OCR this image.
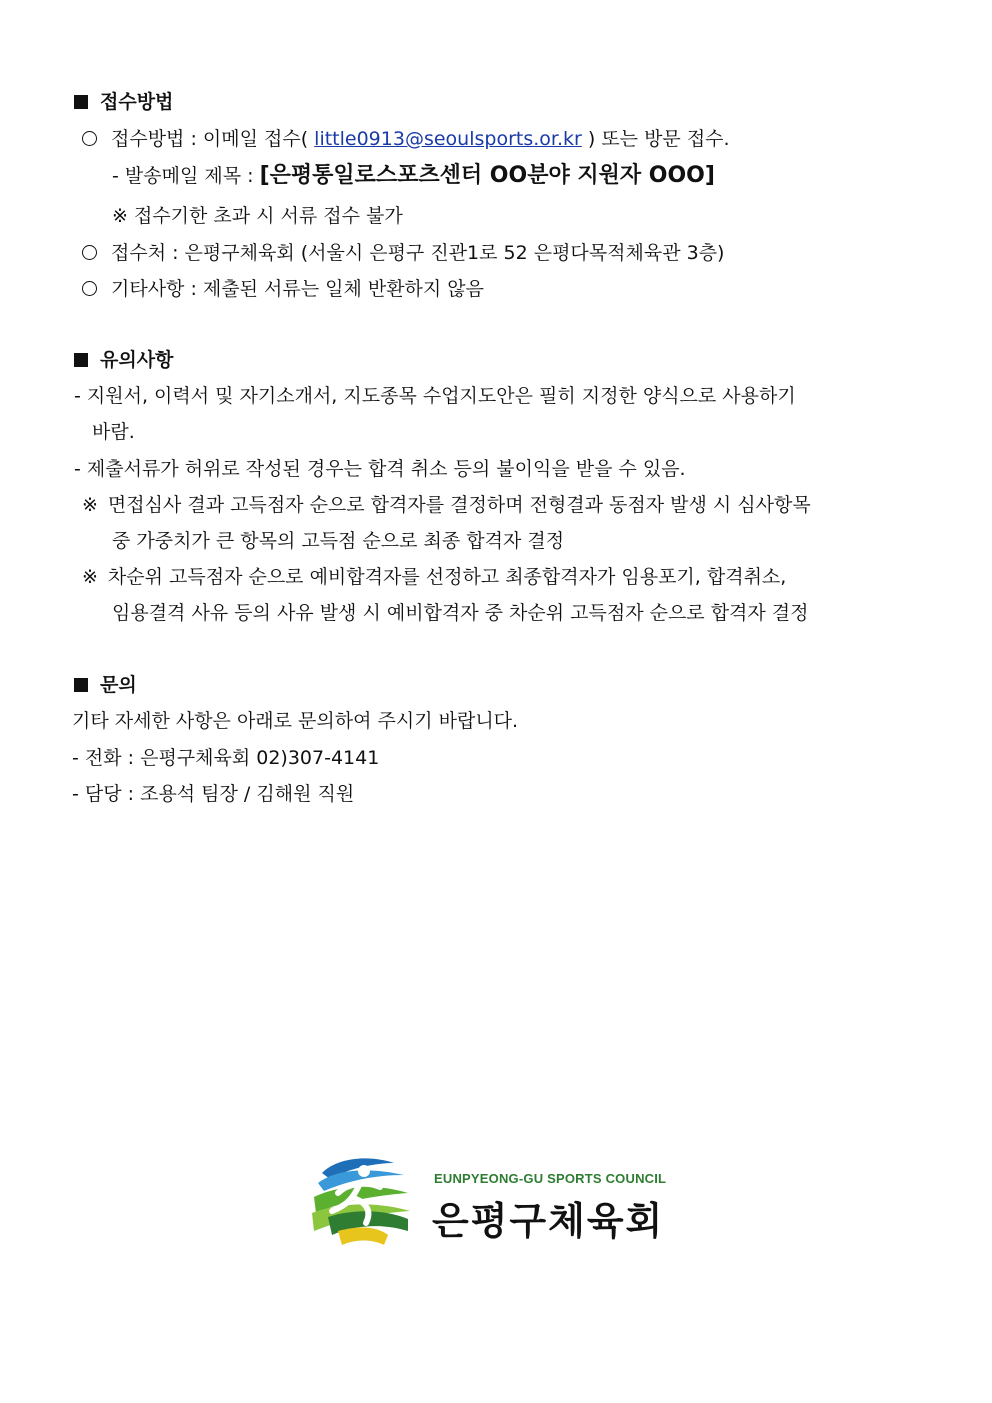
접수방법
접수방법 : 이메일 접수( little0913@seoulsports.or.kr ) 또는 방문 접수.
- 발송메일 제목 : [은평통일로스포츠센터 OO분야 지원자 OOO]
※ 접수기한 초과 시 서류 접수 불가
접수처 : 은평구체육회 (서울시 은평구 진관1로 52 은평다목적체육관 3층)
기타사항 : 제출된 서류는 일체 반환하지 않음
유의사항
- 지원서, 이력서 및 자기소개서, 지도종목 수업지도안은 필히 지정한 양식으로 사용하기
바람.
- 제출서류가 허위로 작성된 경우는 합격 취소 등의 불이익을 받을 수 있음.
※ 면접심사 결과 고득점자 순으로 합격자를 결정하며 전형결과 동점자 발생 시 심사항목
중 가중치가 큰 항목의 고득점 순으로 최종 합격자 결정
※ 차순위 고득점자 순으로 예비합격자를 선정하고 최종합격자가 임용포기, 합격취소,
임용결격 사유 등의 사유 발생 시 예비합격자 중 차순위 고득점자 순으로 합격자 결정
문의
기타 자세한 사항은 아래로 문의하여 주시기 바랍니다.
- 전화 : 은평구체육회 02)307-4141
- 담당 : 조용석 팀장 / 김해원 직원
EUNPYEONG-GU SPORTS COUNCIL
은평구체육회
